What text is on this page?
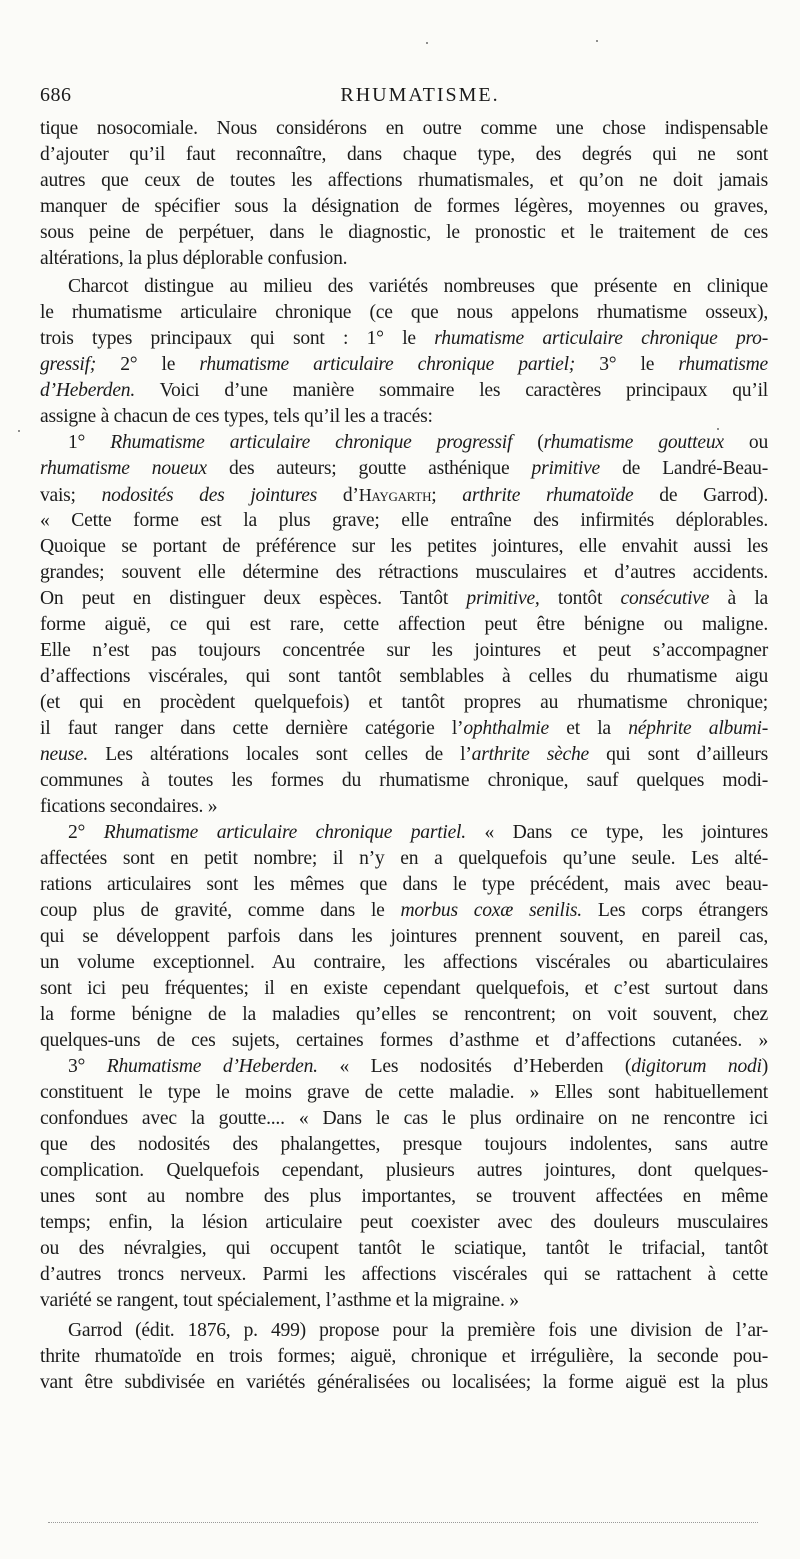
686	RHUMATISME.
tique nosocomiale. Nous considérons en outre comme une chose indispensable
d’ajouter qu’il faut reconnaître, dans chaque type, des degrés qui ne sont
autres que ceux de toutes les affections rhumatismales, et qu’on ne doit jamais
manquer de spécifier sous la désignation de formes légères, moyennes ou graves,
sous peine de perpétuer, dans le diagnostic, le pronostic et le traitement de ces
altérations, la plus déplorable confusion.
Charcot distingue au milieu des variétés nombreuses que présente en clinique
le rhumatisme articulaire chronique (ce que nous appelons rhumatisme osseux),
trois types principaux qui sont : 1° le rhumatisme articulaire chronique pro-
gressif; 2° le rhumatisme articulaire chronique partiel; 3° le rhumatisme
d’Heberden. Voici d’une manière sommaire les caractères principaux qu’il
assigne à chacun de ces types, tels qu’il les a tracés:
1° Rhumatisme articulaire chronique progressif (rhumatisme goutteux ou
rhumatisme noueux des auteurs; goutte asthénique primitive de Landré-Beau-
vais; nodosités des jointures d’Haygarth; arthrite rhumatoïde de Garrod).
« Cette forme est la plus grave; elle entraîne des infirmités déplorables.
Quoique se portant de préférence sur les petites jointures, elle envahit aussi les
grandes; souvent elle détermine des rétractions musculaires et d’autres accidents.
On peut en distinguer deux espèces. Tantôt primitive, tontôt consécutive à la
forme aiguë, ce qui est rare, cette affection peut être bénigne ou maligne.
Elle n’est pas toujours concentrée sur les jointures et peut s’accompagner
d’affections viscérales, qui sont tantôt semblables à celles du rhumatisme aigu
(et qui en procèdent quelquefois) et tantôt propres au rhumatisme chronique;
il faut ranger dans cette dernière catégorie l’ophthalmie et la néphrite albumi-
neuse. Les altérations locales sont celles de l’arthrite sèche qui sont d’ailleurs
communes à toutes les formes du rhumatisme chronique, sauf quelques modi-
fications secondaires. »
2° Rhumatisme articulaire chronique partiel. « Dans ce type, les jointures
affectées sont en petit nombre; il n’y en a quelquefois qu’une seule. Les alté-
rations articulaires sont les mêmes que dans le type précédent, mais avec beau-
coup plus de gravité, comme dans le morbus coxæ senilis. Les corps étrangers
qui se développent parfois dans les jointures prennent souvent, en pareil cas,
un volume exceptionnel. Au contraire, les affections viscérales ou abarticulaires
sont ici peu fréquentes; il en existe cependant quelquefois, et c’est surtout dans
la forme bénigne de la maladies qu’elles se rencontrent; on voit souvent, chez
quelques-uns de ces sujets, certaines formes d’asthme et d’affections cutanées. »
3° Rhumatisme d’Heberden. « Les nodosités d’Heberden (digitorum nodi)
constituent le type le moins grave de cette maladie. » Elles sont habituellement
confondues avec la goutte.... « Dans le cas le plus ordinaire on ne rencontre ici
que des nodosités des phalangettes, presque toujours indolentes, sans autre
complication. Quelquefois cependant, plusieurs autres jointures, dont quelques-
unes sont au nombre des plus importantes, se trouvent affectées en même
temps; enfin, la lésion articulaire peut coexister avec des douleurs musculaires
ou des névralgies, qui occupent tantôt le sciatique, tantôt le trifacial, tantôt
d’autres troncs nerveux. Parmi les affections viscérales qui se rattachent à cette
variété se rangent, tout spécialement, l’asthme et la migraine. »
Garrod (édit. 1876, p. 499) propose pour la première fois une division de l’ar-
thrite rhumatoïde en trois formes; aiguë, chronique et irrégulière, la seconde pou-
vant être subdivisée en variétés généralisées ou localisées; la forme aiguë est la plus
